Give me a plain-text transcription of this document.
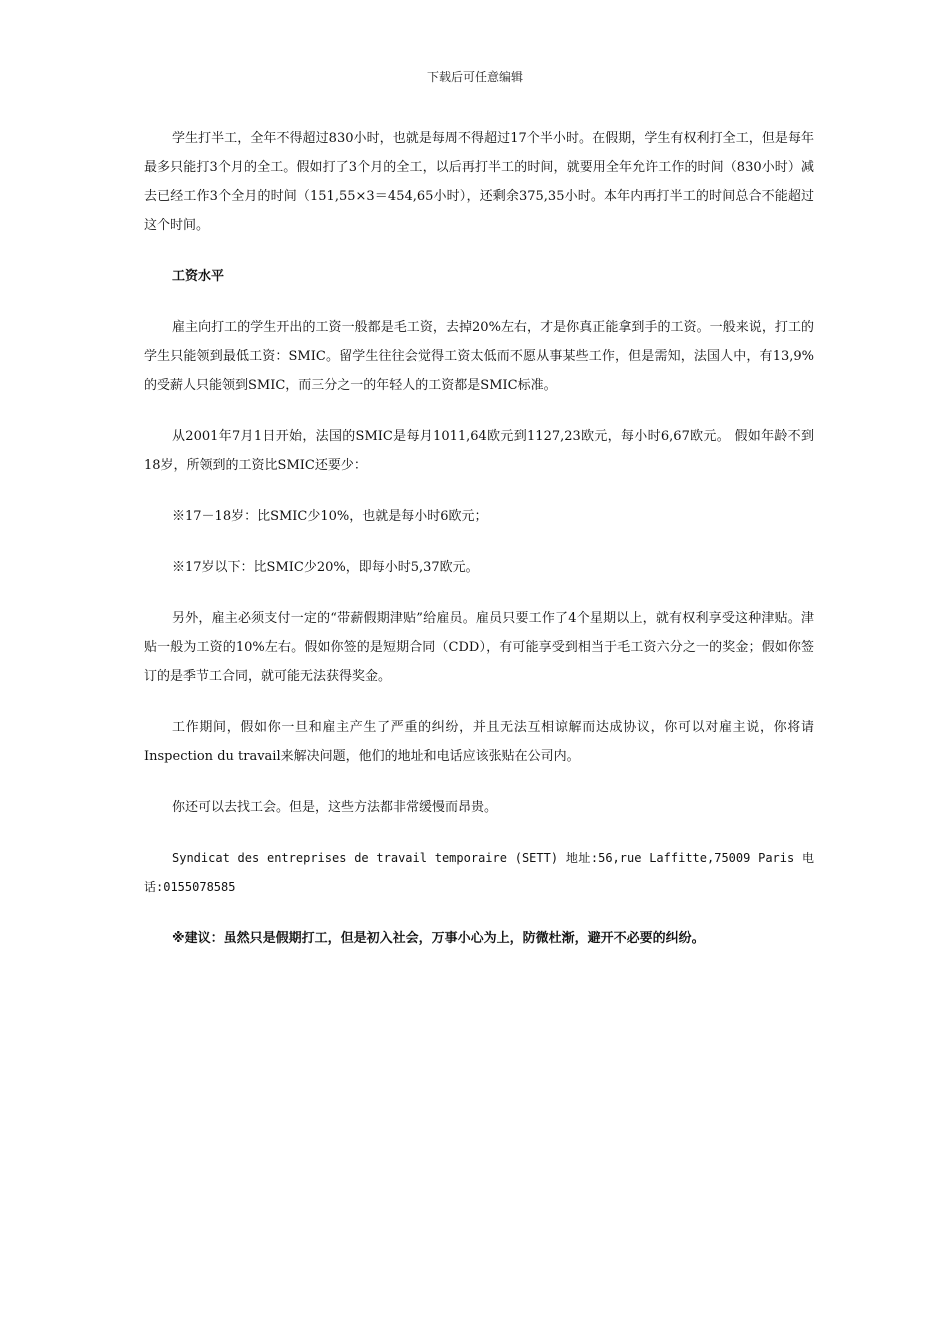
下载后可任意编辑

学生打半工，全年不得超过830小时，也就是每周不得超过17个半小时。在假期，学生有权利打全工，但是每年最多只能打3个月的全工。假如打了3个月的全工，以后再打半工的时间，就要用全年允许工作的时间（830小时）减去已经工作3个全月的时间（151,55×3＝454,65小时），还剩余375,35小时。本年内再打半工的时间总合不能超过这个时间。

工资水平

雇主向打工的学生开出的工资一般都是毛工资，去掉20%左右，才是你真正能拿到手的工资。一般来说，打工的学生只能领到最低工资：SMIC。留学生往往会觉得工资太低而不愿从事某些工作，但是需知，法国人中，有13,9%的受薪人只能领到SMIC，而三分之一的年轻人的工资都是SMIC标准。

从2001年7月1日开始，法国的SMIC是每月1011,64欧元到1127,23欧元，每小时6,67欧元。 假如年龄不到18岁，所领到的工资比SMIC还要少：

※17－18岁：比SMIC少10%，也就是每小时6欧元；

※17岁以下：比SMIC少20%，即每小时5,37欧元。

另外，雇主必须支付一定的“带薪假期津贴”给雇员。雇员只要工作了4个星期以上，就有权利享受这种津贴。津贴一般为工资的10%左右。假如你签的是短期合同（CDD），有可能享受到相当于毛工资六分之一的奖金；假如你签订的是季节工合同，就可能无法获得奖金。

工作期间，假如你一旦和雇主产生了严重的纠纷，并且无法互相谅解而达成协议，你可以对雇主说，你将请Inspection du travail来解决问题，他们的地址和电话应该张贴在公司内。

你还可以去找工会。但是，这些方法都非常缓慢而昂贵。

Syndicat des entreprises de travail temporaire (SETT) 地址:56,rue Laffitte,75009 Paris 电话:0155078585

※建议：虽然只是假期打工，但是初入社会，万事小心为上，防微杜渐，避开不必要的纠纷。
